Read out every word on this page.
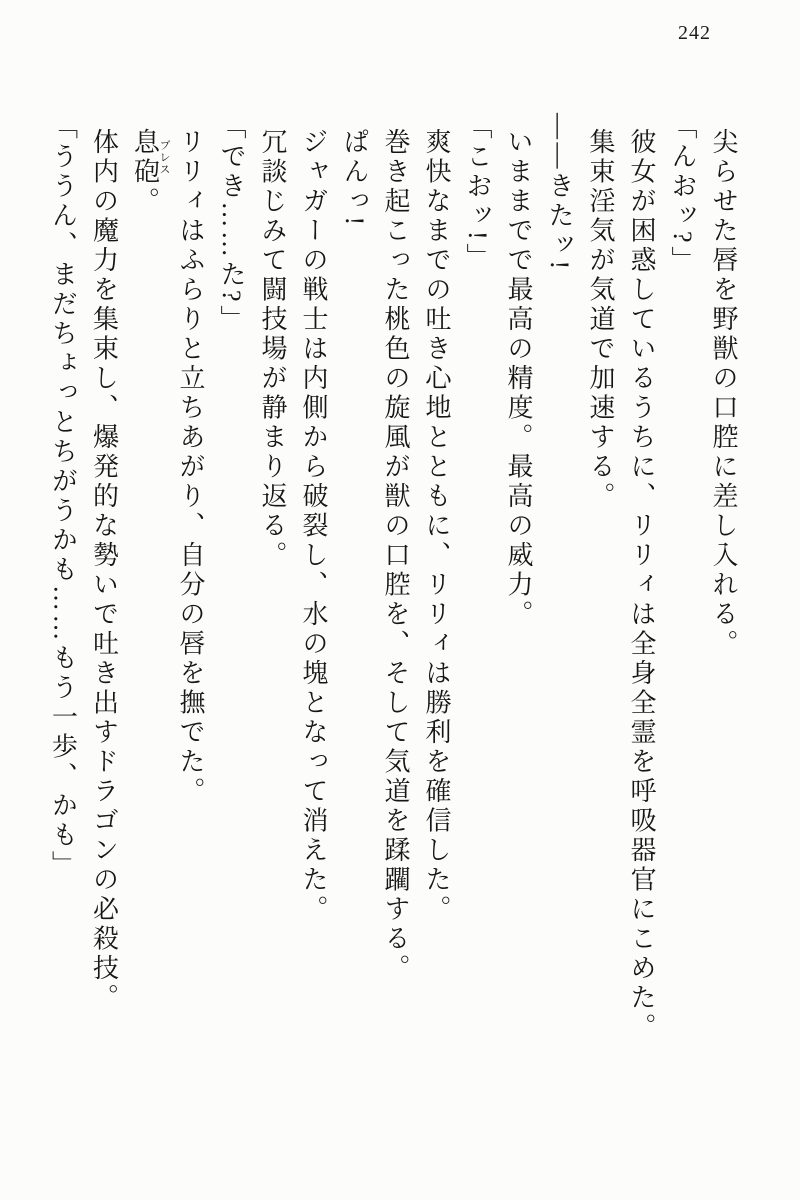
242

尖らせた唇を野獣の口腔に差し入れる。

「んおッ?」

彼女が困惑しているうちに、リリィは全身全霊を呼吸器官にこめた。

集束淫気が気道で加速する。

――きたッ!

いままでで最高の精度。最高の威力。

「こおッ!」

爽快なまでの吐き心地とともに、リリィは勝利を確信した。

巻き起こった桃色の旋風が獣の口腔を、そして気道を蹂躙する。

ぱんっ!

ジャガーの戦士は内側から破裂し、水の塊となって消えた。

冗談じみて闘技場が静まり返る。

「でき……た?」

リリィはふらりと立ちあがり、自分の唇を撫でた。

息砲ブレス。

体内の魔力を集束し、爆発的な勢いで吐き出すドラゴンの必殺技。

「ううん、まだちょっとちがうかも……もう一歩、かも」
